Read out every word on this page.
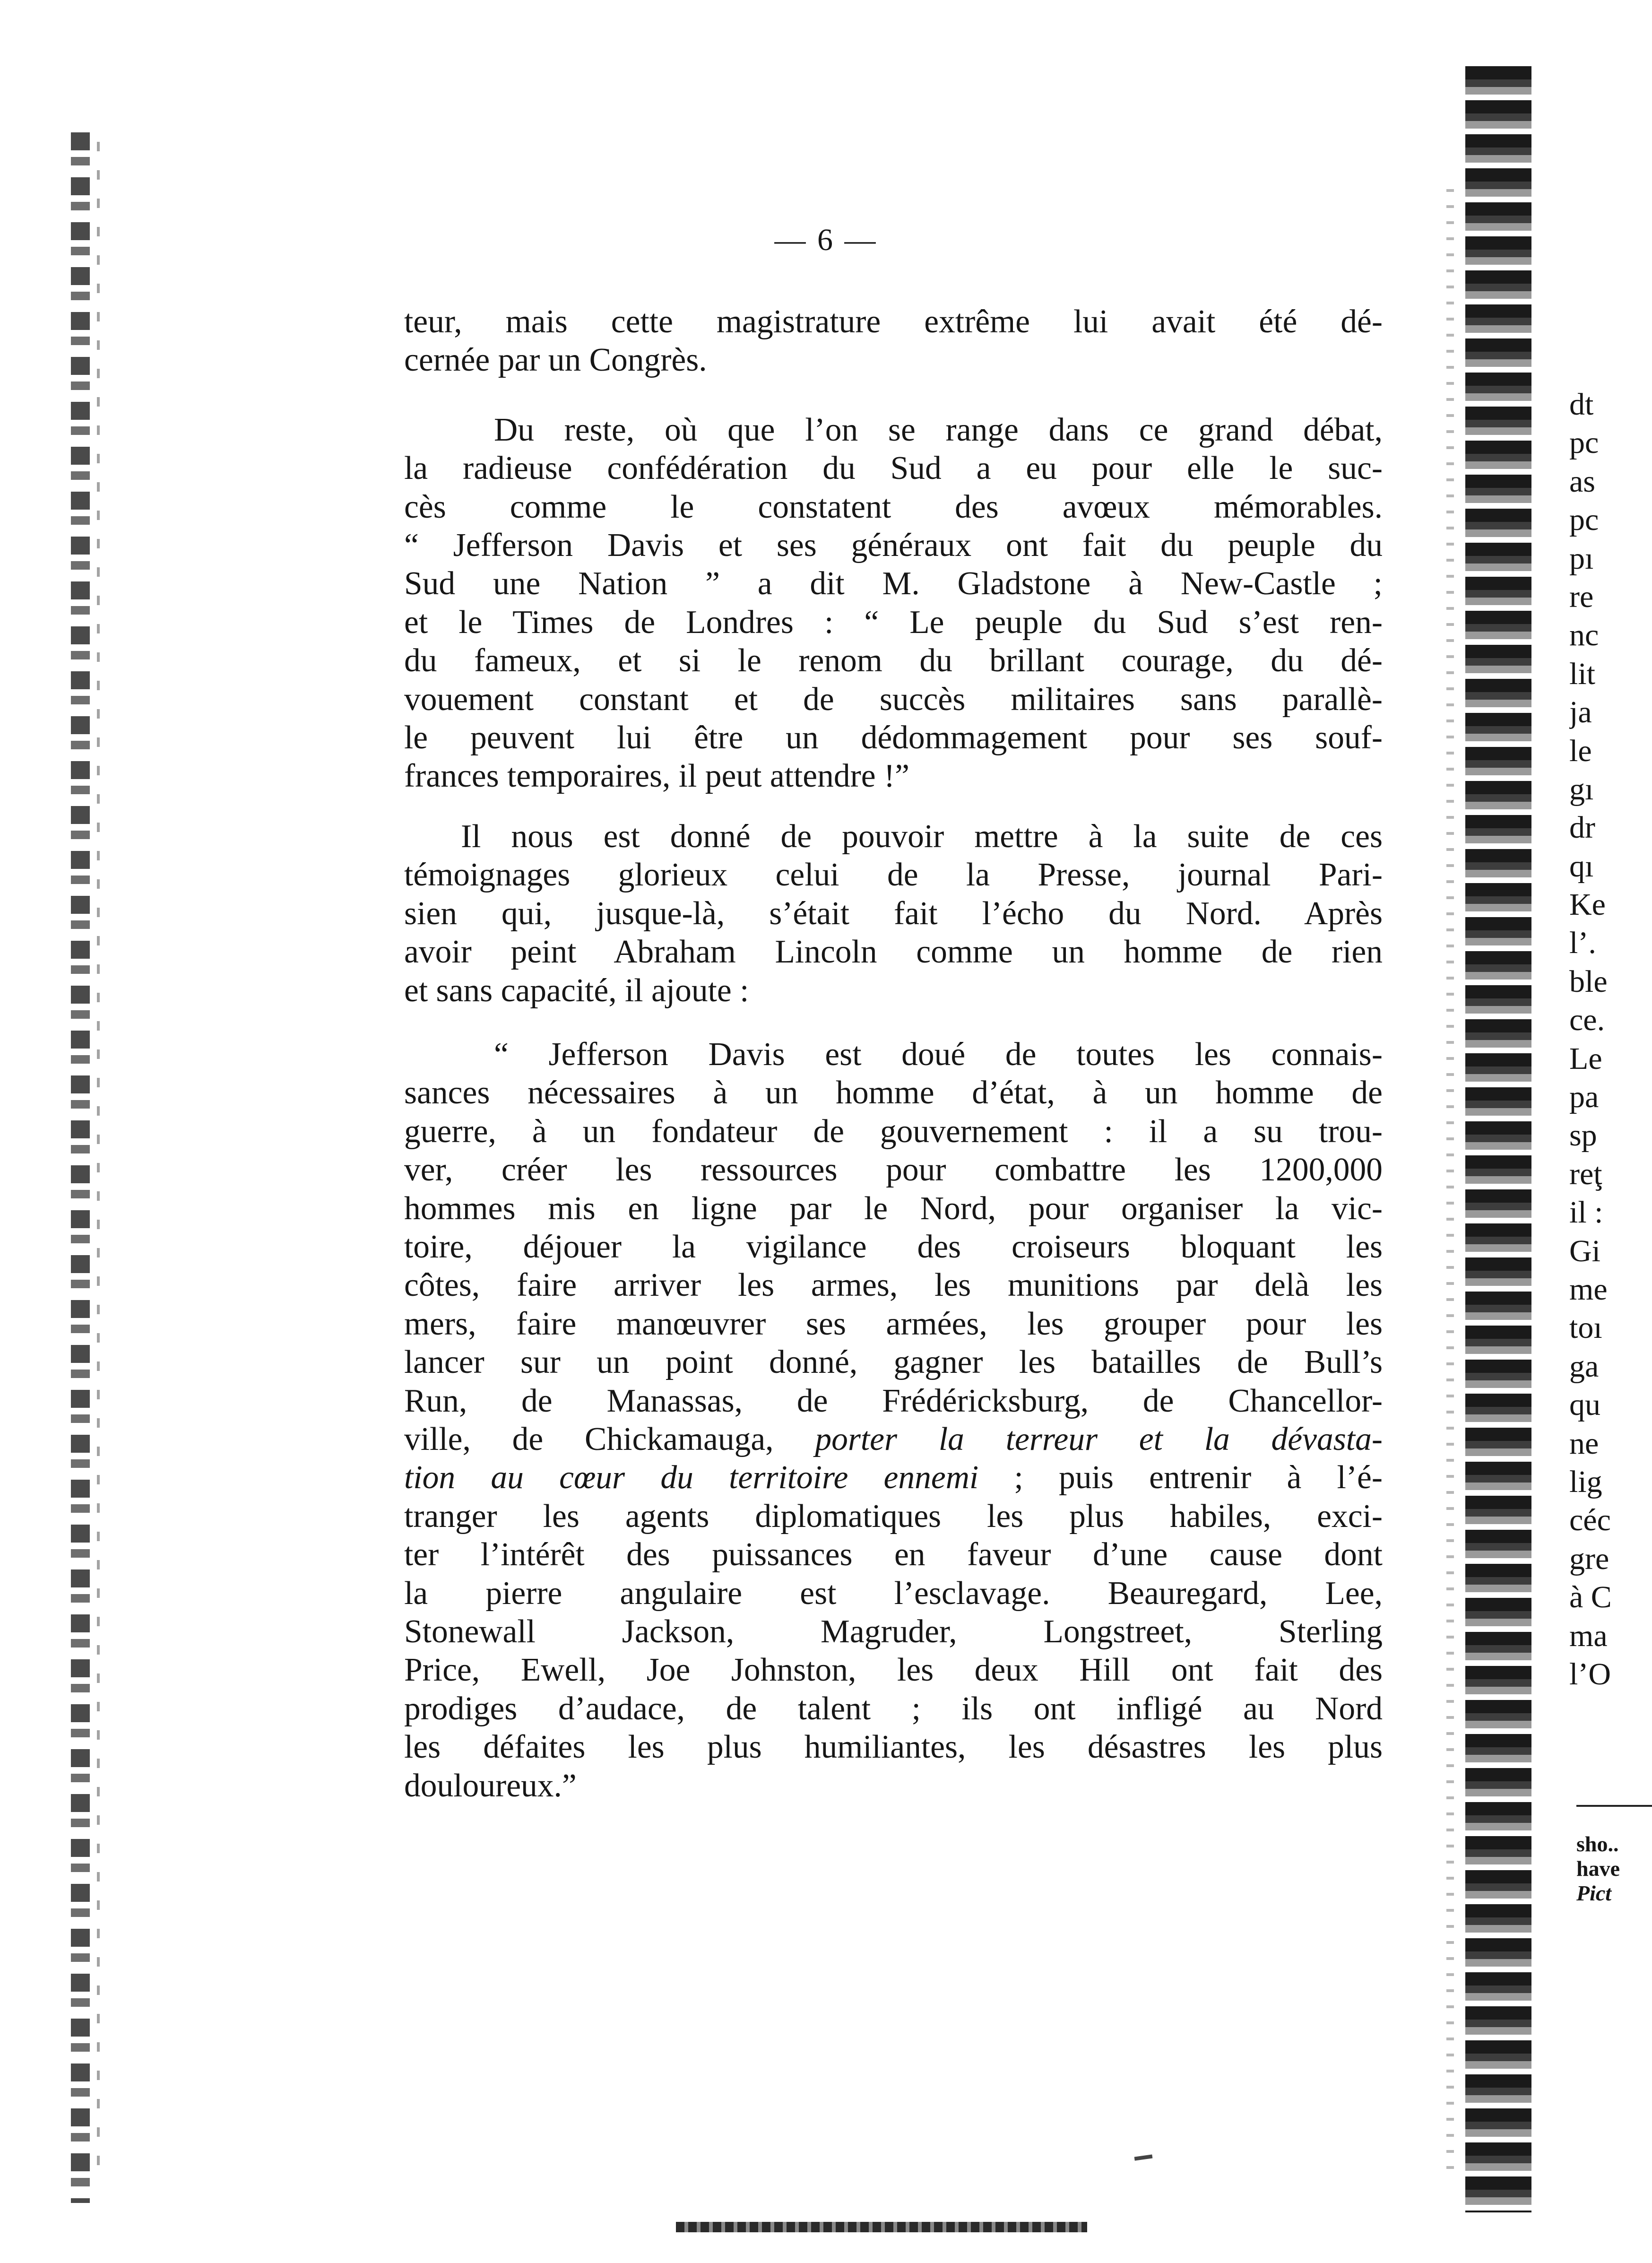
— 6 —
teur, mais cette magistrature extrême lui avait été dé-
cernée par un Congrès.
Du reste, où que l’on se range dans ce grand débat,
la radieuse confédération du Sud a eu pour elle le suc-
cès comme le constatent des avœux mémorables.
“ Jefferson Davis et ses généraux ont fait du peuple du
Sud une Nation ” a dit M. Gladstone à New-Castle ;
et le Times de Londres : “ Le peuple du Sud s’est ren-
du fameux, et si le renom du brillant courage, du dé-
vouement constant et de succès militaires sans parallè-
le peuvent lui être un dédommagement pour ses souf-
frances temporaires, il peut attendre !”
Il nous est donné de pouvoir mettre à la suite de ces
témoignages glorieux celui de la Presse, journal Pari-
sien qui, jusque-là, s’était fait l’écho du Nord. Après
avoir peint Abraham Lincoln comme un homme de rien
et sans capacité, il ajoute :
“ Jefferson Davis est doué de toutes les connais-
sances nécessaires à un homme d’état, à un homme de
guerre, à un fondateur de gouvernement : il a su trou-
ver, créer les ressources pour combattre les 1200,000
hommes mis en ligne par le Nord, pour organiser la vic-
toire, déjouer la vigilance des croiseurs bloquant les
côtes, faire arriver les armes, les munitions par delà les
mers, faire manœuvrer ses armées, les grouper pour les
lancer sur un point donné, gagner les batailles de Bull’s
Run, de Manassas, de Frédéricksburg, de Chancellor-
ville, de Chickamauga, porter la terreur et la dévasta-
tion au cœur du territoire ennemi ; puis entrenir à l’é-
tranger les agents diplomatiques les plus habiles, exci-
ter l’intérêt des puissances en faveur d’une cause dont
la pierre angulaire est l’esclavage. Beauregard, Lee,
Stonewall Jackson, Magruder, Longstreet, Sterling
Price, Ewell, Joe Johnston, les deux Hill ont fait des
prodiges d’audace, de talent ; ils ont infligé au Nord
les défaites les plus humiliantes, les désastres les plus
douloureux.”
dt
pc
as
pc
pı
re
nc
lit
ja
le
gı
dr
qı
Ke
l’.
ble
ce.
Le
pa
sp
reţ
il :
Gi
me
toı
ga
qu
ne
lig
céc
gre
à C
ma
l’O
sho..
have
Pict
